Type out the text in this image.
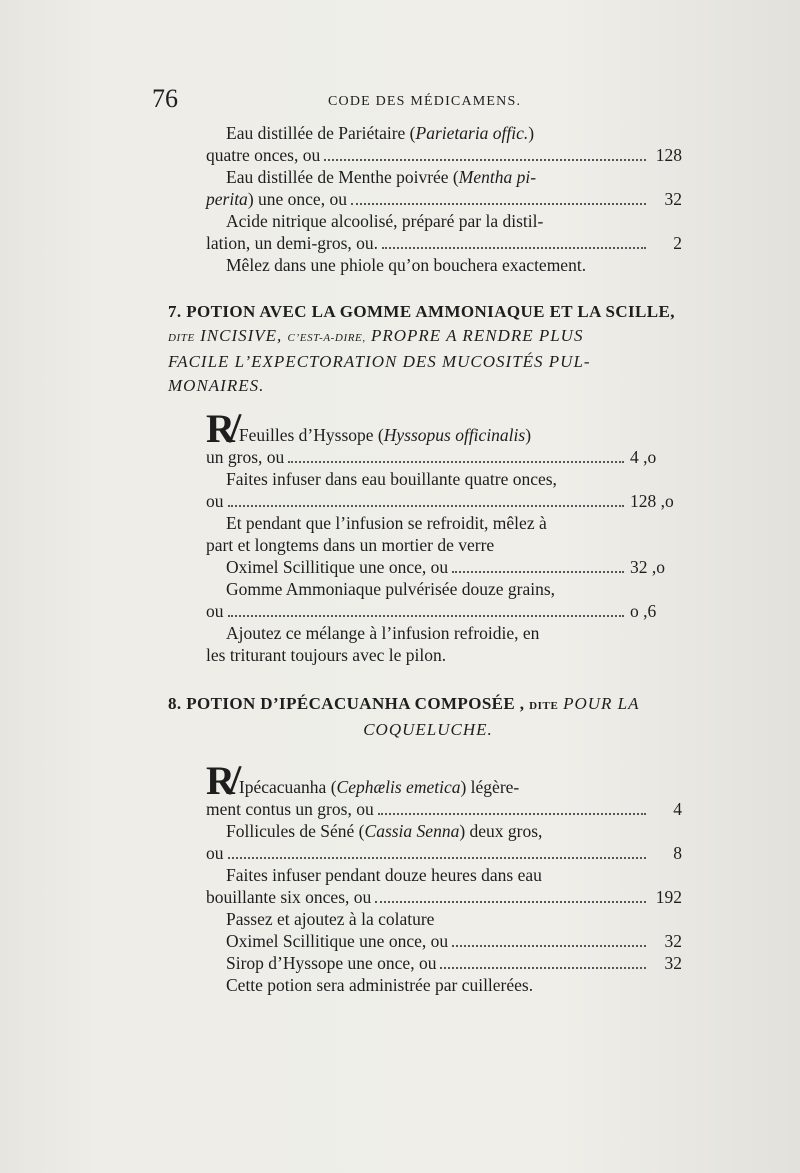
76	CODE DES MÉDICAMENS.
Eau distillée de Pariétaire (Parietaria offic.)
quatre onces, ou	128
Eau distillée de Menthe poivrée (Mentha pi-
perita) une once, ou	32
Acide nitrique alcoolisé, préparé par la distil-
lation, un demi-gros, ou.	2
Mêlez dans une phiole qu’on bouchera exactement.
7. POTION AVEC LA GOMME AMMONIAQUE ET LA SCILLE,
DITE INCISIVE, C’EST-A-DIRE, PROPRE A RENDRE PLUS
FACILE L’EXPECTORATION DES MUCOSITÉS PUL-
MONAIRES.
R̸ Feuilles d’Hyssope (Hyssopus officinalis)
un gros, ou	4 ,o
Faites infuser dans eau bouillante quatre onces,
ou	128 ,o
Et pendant que l’infusion se refroidit, mêlez à
part et longtems dans un mortier de verre
Oximel Scillitique une once, ou	32 ,o
Gomme Ammoniaque pulvérisée douze grains,
ou	o ,6
Ajoutez ce mélange à l’infusion refroidie, en
les triturant toujours avec le pilon.
8. POTION D’IPÉCACUANHA COMPOSÉE , DITE POUR LA
COQUELUCHE.
R̸ Ipécacuanha (Cephælis emetica) légère-
ment contus un gros, ou	4
Follicules de Séné (Cassia Senna) deux gros,
ou	8
Faites infuser pendant douze heures dans eau
bouillante six onces, ou	192
Passez et ajoutez à la colature
Oximel Scillitique une once, ou	32
Sirop d’Hyssope une once, ou	32
Cette potion sera administrée par cuillerées.
